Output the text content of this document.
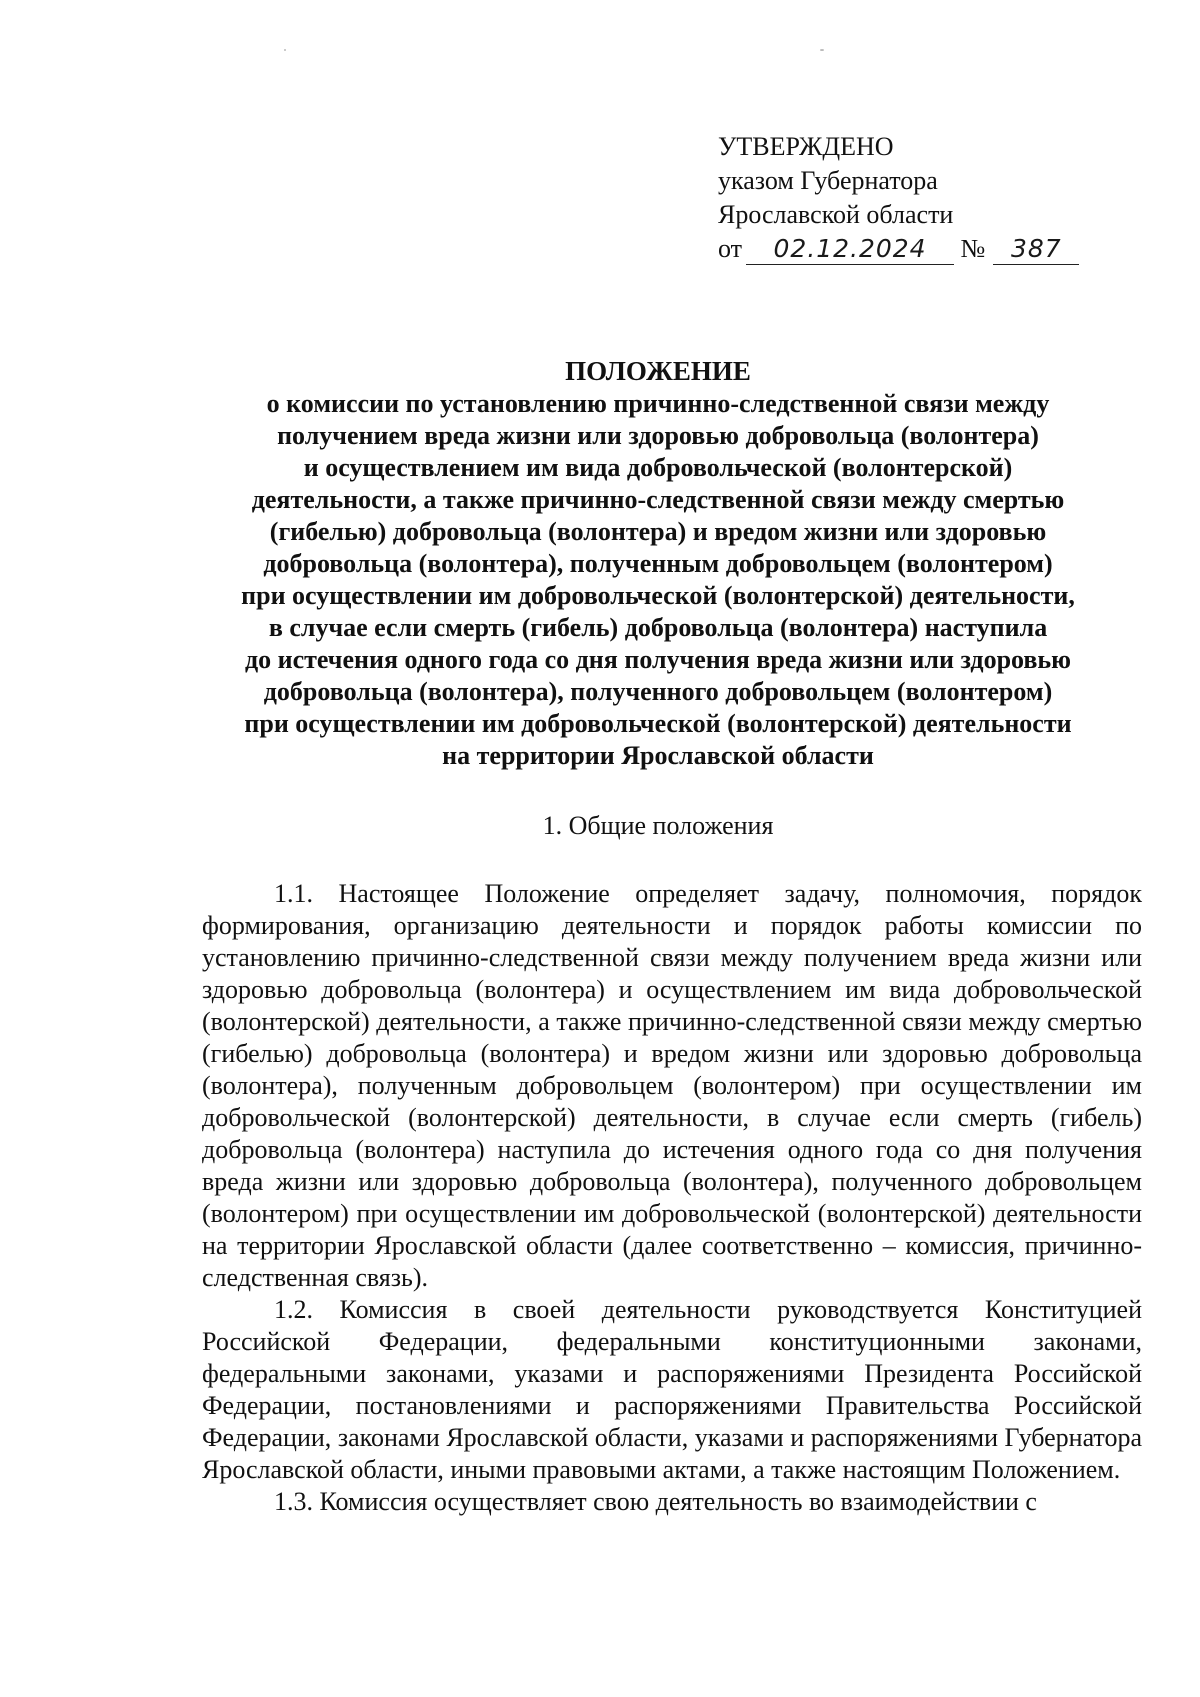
УТВЕРЖДЕНО
указом Губернатора
Ярославской области
от 02.12.2024 № 387
ПОЛОЖЕНИЕ
о комиссии по установлению причинно-следственной связи между
получением вреда жизни или здоровью добровольца (волонтера)
и осуществлением им вида добровольческой (волонтерской)
деятельности, а также причинно-следственной связи между смертью
(гибелью) добровольца (волонтера) и вредом жизни или здоровью
добровольца (волонтера), полученным добровольцем (волонтером)
при осуществлении им добровольческой (волонтерской) деятельности,
в случае если смерть (гибель) добровольца (волонтера) наступила
до истечения одного года со дня получения вреда жизни или здоровью
добровольца (волонтера), полученного добровольцем (волонтером)
при осуществлении им добровольческой (волонтерской) деятельности
на территории Ярославской области
1. Общие положения

1.1. Настоящее Положение определяет задачу, полномочия, порядок формирования, организацию деятельности и порядок работы комиссии по установлению причинно-следственной связи между получением вреда жизни или здоровью добровольца (волонтера) и осуществлением им вида добровольческой (волонтерской) деятельности, а также причинно-следственной связи между смертью (гибелью) добровольца (волонтера) и вредом жизни или здоровью добровольца (волонтера), полученным добровольцем (волонтером) при осуществлении им добровольческой (волонтерской) деятельности, в случае если смерть (гибель) добровольца (волонтера) наступила до истечения одного года со дня получения вреда жизни или здоровью добровольца (волонтера), полученного добровольцем (волонтером) при осуществлении им добровольческой (волонтерской) деятельности на территории Ярославской области (далее соответственно – комиссия, причинно-следственная связь).

1.2. Комиссия в своей деятельности руководствуется Конституцией Российской Федерации, федеральными конституционными законами, федеральными законами, указами и распоряжениями Президента Российской Федерации, постановлениями и распоряжениями Правительства Российской Федерации, законами Ярославской области, указами и распоряжениями Губернатора Ярославской области, иными правовыми актами, а также настоящим Положением.

1.3. Комиссия осуществляет свою деятельность во взаимодействии с
